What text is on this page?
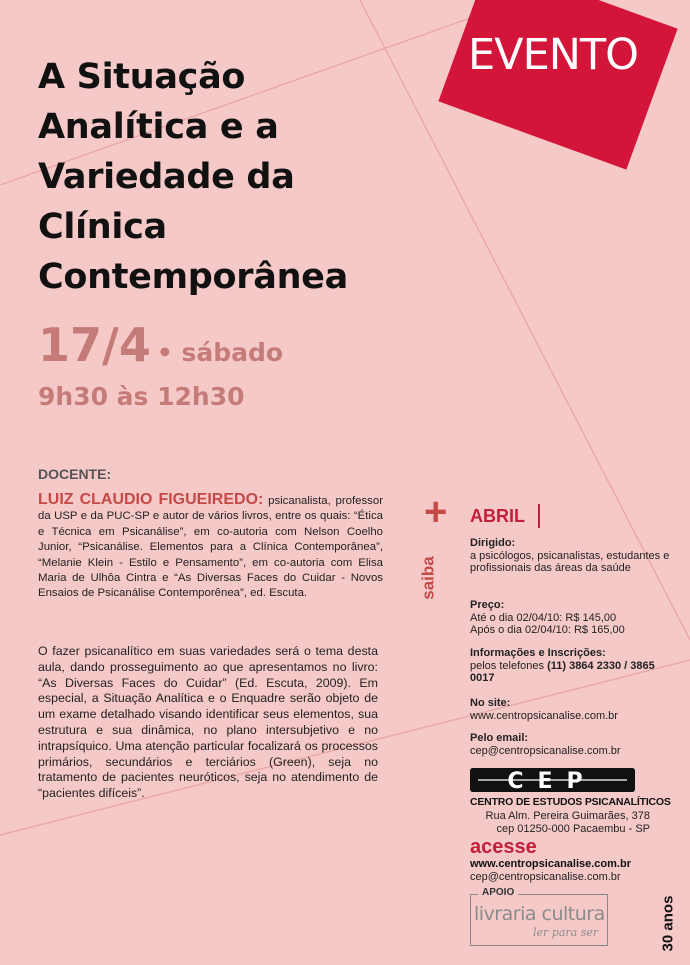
EVENTO
A Situação
Analítica e a
Variedade da
Clínica
Contemporânea
17/4 • sábado
9h30 às 12h30
DOCENTE:
LUIZ CLAUDIO FIGUEIREDO: psicanalista, professor da USP e da PUC-SP e autor de vários livros, entre os quais: “Ética e Técnica em Psicanálise”, em co-autoria com Nelson Coelho Junior, “Psicanálise. Elementos para a Clínica Contemporânea”, “Melanie Klein - Estilo e Pensamento”, em co-autoria com Elisa Maria de Ulhôa Cintra e “As Diversas Faces do Cuidar - Novos Ensaios de Psicanálise Contemporênea”, ed. Escuta.
O fazer psicanalítico em suas variedades será o tema desta aula, dando prosseguimento ao que apresentamos no livro: “As Diversas Faces do Cuidar” (Ed. Escuta, 2009). Em especial, a Situação Analítica e o Enquadre serão objeto de um exame detalhado visando identificar seus elementos, sua estrutura e sua dinâmica, no plano intersubjetivo e no intrapsíquico. Uma atenção particular focalizará os processos primários, secundários e terciários (Green), seja no tratamento de pacientes neuróticos, seja no atendimento de “pacientes difíceis”.
+
saiba
ABRIL
Dirigido:
a psicólogos, psicanalistas, estudantes e profissionais das áreas da saúde
Preço:
Até o dia 02/04/10: R$ 145,00
Após o dia 02/04/10: R$ 165,00
Informações e Inscrições:
pelos telefones (11) 3864 2330 / 3865 0017
No site:
www.centropsicanalise.com.br
Pelo email:
cep@centropsicanalise.com.br
CEP
CENTRO DE ESTUDOS PSICANALÍTICOS
Rua Alm. Pereira Guimarães, 378
cep 01250-000 Pacaembu - SP
acesse
www.centropsicanalise.com.br
cep@centropsicanalise.com.br
APOIO
livraria cultura
ler para ser	30 anos
